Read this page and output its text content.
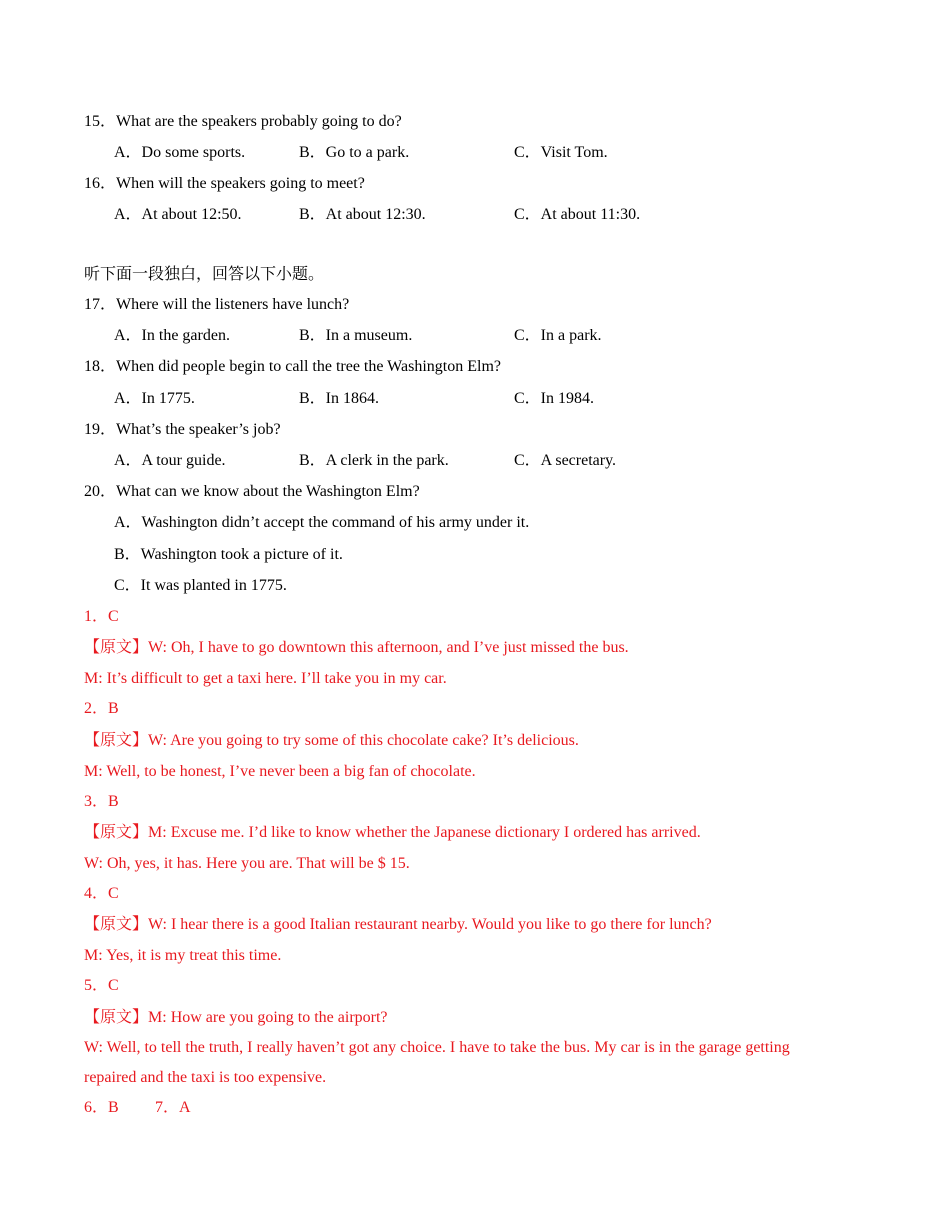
15．What are the speakers probably going to do?
A．Do some sports.	B．Go to a park.	C．Visit Tom.
16．When will the speakers going to meet?
A．At about 12:50.	B．At about 12:30.	C．At about 11:30.
听下面一段独白，回答以下小题。
17．Where will the listeners have lunch?
A．In the garden.	B．In a museum.	C．In a park.
18．When did people begin to call the tree the Washington Elm?
A．In 1775.	B．In 1864.	C．In 1984.
19．What’s the speaker’s job?
A．A tour guide.	B．A clerk in the park.	C．A secretary.
20．What can we know about the Washington Elm?
A．Washington didn’t accept the command of his army under it.
B．Washington took a picture of it.
C．It was planted in 1775.
1．C
【原文】W: Oh, I have to go downtown this afternoon, and I’ve just missed the bus.
M: It’s difficult to get a taxi here. I’ll take you in my car.
2．B
【原文】W: Are you going to try some of this chocolate cake? It’s delicious.
M: Well, to be honest, I’ve never been a big fan of chocolate.
3．B
【原文】M: Excuse me. I’d like to know whether the Japanese dictionary I ordered has arrived.
W: Oh, yes, it has. Here you are. That will be $ 15.
4．C
【原文】W: I hear there is a good Italian restaurant nearby. Would you like to go there for lunch?
M: Yes, it is my treat this time.
5．C
【原文】M: How are you going to the airport?
W: Well, to tell the truth, I really haven’t got any choice. I have to take the bus. My car is in the garage getting
repaired and the taxi is too expensive.
6．B 7．A
